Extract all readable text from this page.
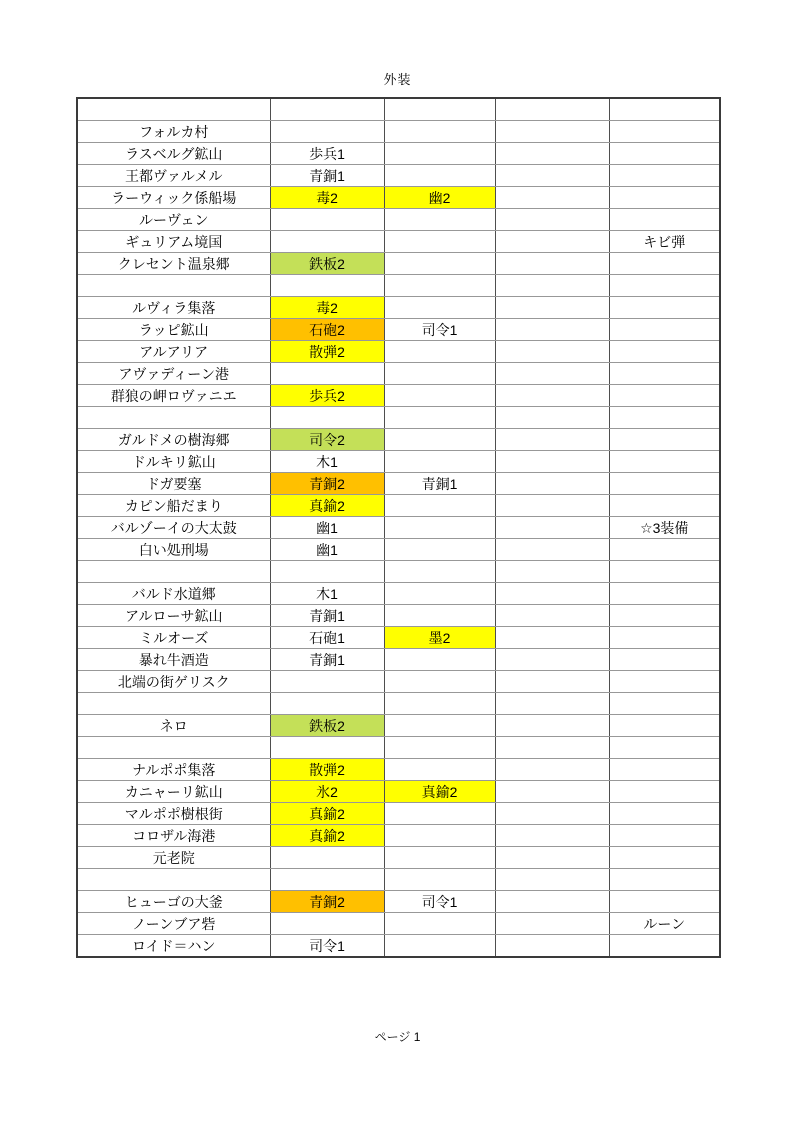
外装

フォルカ村				
ラスベルグ鉱山	歩兵1			
王都ヴァルメル	青銅1			
ラーウィック係船場	毒2	幽2		
ルーヴェン				
ギュリアム境国				キビ弾
クレセント温泉郷	鉄板2			

ルヴィラ集落	毒2			
ラッピ鉱山	石砲2	司令1		
アルアリア	散弾2			
アヴァディーン港				
群狼の岬ロヴァニエ	歩兵2			

ガルドメの樹海郷	司令2			
ドルキリ鉱山	木1			
ドガ要塞	青銅2	青銅1		
カピン船だまり	真鍮2			
バルゾーイの大太鼓	幽1			☆3装備
白い処刑場	幽1			

バルド水道郷	木1			
アルローサ鉱山	青銅1			
ミルオーズ	石砲1	墨2		
暴れ牛酒造	青銅1			
北端の街ゲリスク				

ネロ	鉄板2			

ナルポポ集落	散弾2			
カニャーリ鉱山	氷2	真鍮2		
マルポポ樹根街	真鍮2			
コロザル海港	真鍮2			
元老院				

ヒューゴの大釜	青銅2	司令1		
ノーンブア砦				ルーン
ロイド＝ハン	司令1			
ページ 1
